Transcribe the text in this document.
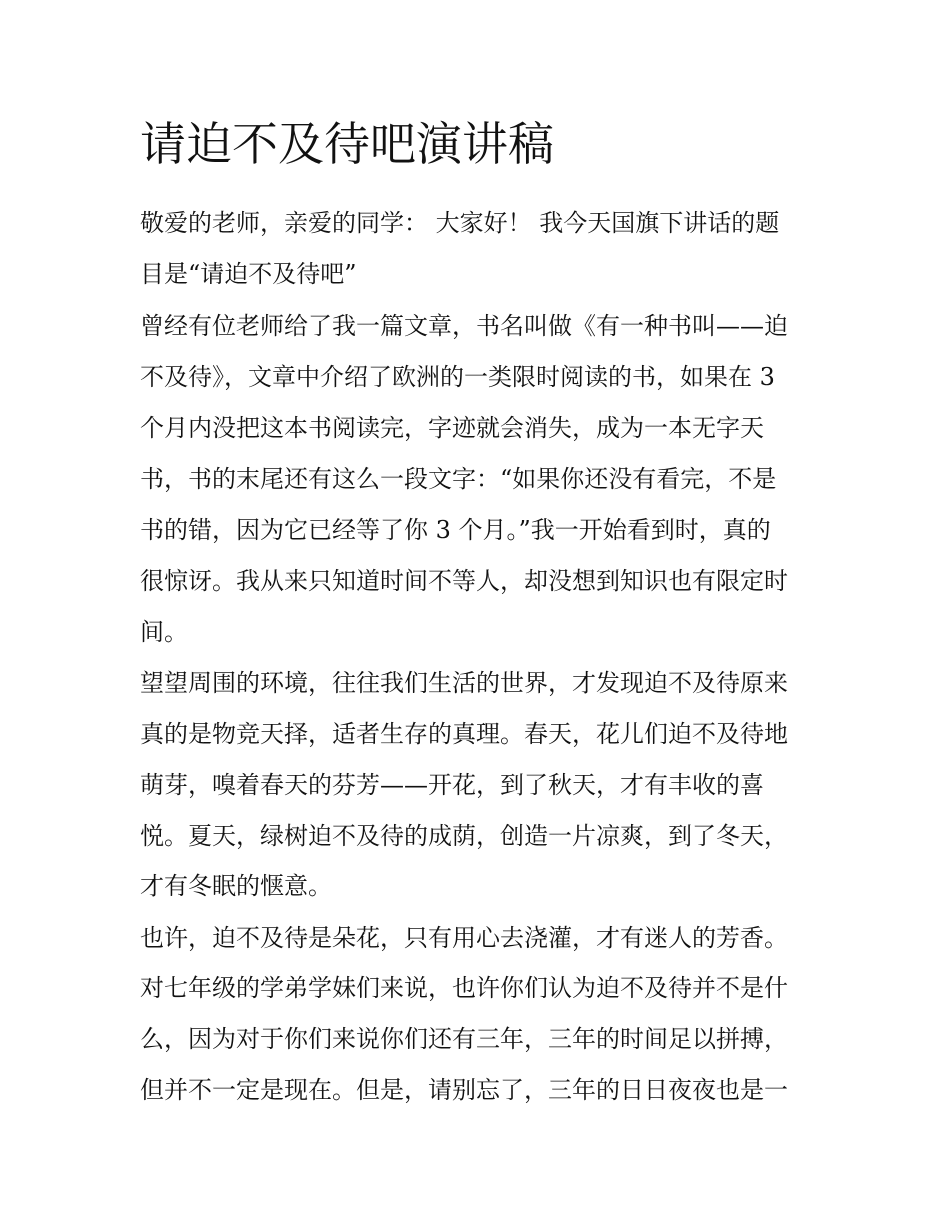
请迫不及待吧演讲稿

敬爱的老师，亲爱的同学： 大家好！ 我今天国旗下讲话的题

目是“请迫不及待吧”

曾经有位老师给了我一篇文章，书名叫做《有一种书叫——迫

不及待》，文章中介绍了欧洲的一类限时阅读的书，如果在 3

个月内没把这本书阅读完，字迹就会消失，成为一本无字天

书，书的末尾还有这么一段文字：“如果你还没有看完，不是

书的错，因为它已经等了你 3 个月。”我一开始看到时，真的

很惊讶。我从来只知道时间不等人，却没想到知识也有限定时

间。

望望周围的环境，往往我们生活的世界，才发现迫不及待原来

真的是物竞天择，适者生存的真理。春天，花儿们迫不及待地

萌芽，嗅着春天的芬芳——开花，到了秋天，才有丰收的喜

悦。夏天，绿树迫不及待的成荫，创造一片凉爽，到了冬天，

才有冬眠的惬意。

也许，迫不及待是朵花，只有用心去浇灌，才有迷人的芳香。

对七年级的学弟学妹们来说，也许你们认为迫不及待并不是什

么，因为对于你们来说你们还有三年，三年的时间足以拼搏，

但并不一定是现在。但是，请别忘了，三年的日日夜夜也是一
